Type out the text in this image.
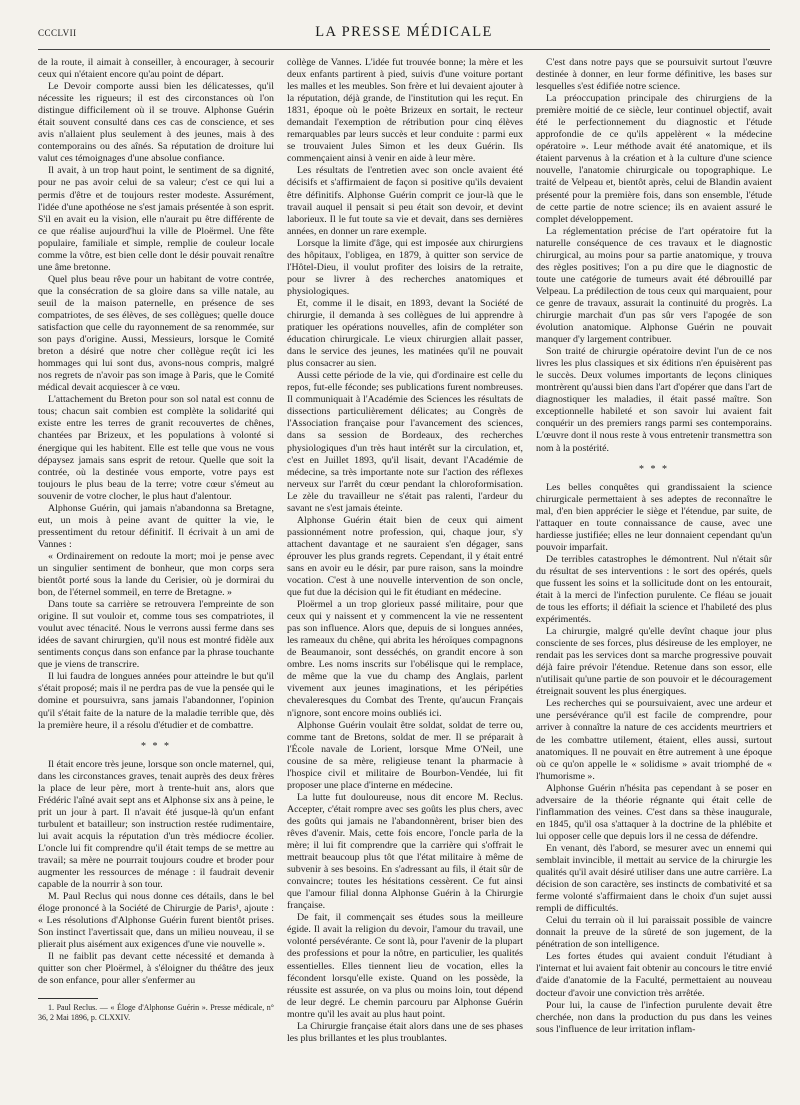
CCCLVII	LA PRESSE MÉDICALE

de la route, il aimait à conseiller, à encourager, à secourir ceux qui n'étaient encore qu'au point de départ.

Le Devoir comporte aussi bien les délicatesses, qu'il nécessite les rigueurs; il est des circonstances où l'on distingue difficilement où il se trouve. Alphonse Guérin était souvent consulté dans ces cas de conscience, et ses avis n'allaient plus seulement à des jeunes, mais à des contemporains ou des aînés. Sa réputation de droiture lui valut ces témoignages d'une absolue confiance.

Il avait, à un trop haut point, le sentiment de sa dignité, pour ne pas avoir celui de sa valeur; c'est ce qui lui a permis d'être et de toujours rester modeste. Assurément, l'idée d'une apothéose ne s'est jamais présentée à son esprit. S'il en avait eu la vision, elle n'aurait pu être différente de ce que réalise aujourd'hui la ville de Ploërmel. Une fête populaire, familiale et simple, remplie de couleur locale comme la vôtre, est bien celle dont le désir pouvait renaître une âme bretonne.

Quel plus beau rêve pour un habitant de votre contrée, que la consécration de sa gloire dans sa ville natale, au seuil de la maison paternelle, en présence de ses compatriotes, de ses élèves, de ses collègues; quelle douce satisfaction que celle du rayonnement de sa renommée, sur son pays d'origine. Aussi, Messieurs, lorsque le Comité breton a désiré que notre cher collègue reçût ici les hommages qui lui sont dus, avons-nous compris, malgré nos regrets de n'avoir pas son image à Paris, que le Comité médical devait acquiescer à ce vœu.

L'attachement du Breton pour son sol natal est connu de tous; chacun sait combien est complète la solidarité qui existe entre les terres de granit recouvertes de chênes, chantées par Brizeux, et les populations à volonté si énergique qui les habitent. Elle est telle que vous ne vous dépaysez jamais sans esprit de retour. Quelle que soit la contrée, où la destinée vous emporte, votre pays est toujours le plus beau de la terre; votre cœur s'émeut au souvenir de votre clocher, le plus haut d'alentour.

Alphonse Guérin, qui jamais n'abandonna sa Bretagne, eut, un mois à peine avant de quitter la vie, le pressentiment du retour définitif. Il écrivait à un ami de Vannes :

« Ordinairement on redoute la mort; moi je pense avec un singulier sentiment de bonheur, que mon corps sera bientôt porté sous la lande du Cerisier, où je dormirai du bon, de l'éternel sommeil, en terre de Bretagne. »

Dans toute sa carrière se retrouvera l'empreinte de son origine. Il sut vouloir et, comme tous ses compatriotes, il voulut avec ténacité. Nous le verrons aussi ferme dans ses idées de savant chirurgien, qu'il nous est montré fidèle aux sentiments conçus dans son enfance par la phrase touchante que je viens de transcrire.

Il lui faudra de longues années pour atteindre le but qu'il s'était proposé; mais il ne perdra pas de vue la pensée qui le domine et poursuivra, sans jamais l'abandonner, l'opinion qu'il s'était faite de la nature de la maladie terrible que, dès la première heure, il a résolu d'étudier et de combattre.

* * *

Il était encore très jeune, lorsque son oncle maternel, qui, dans les circonstances graves, tenait auprès des deux frères la place de leur père, mort à trente-huit ans, alors que Frédéric l'aîné avait sept ans et Alphonse six ans à peine, le prit un jour à part. Il n'avait été jusque-là qu'un enfant turbulent et batailleur; son instruction restée rudimentaire, lui avait acquis la réputation d'un très médiocre écolier. L'oncle lui fit comprendre qu'il était temps de se mettre au travail; sa mère ne pourrait toujours coudre et broder pour augmenter les ressources de ménage : il faudrait devenir capable de la nourrir à son tour.

M. Paul Reclus qui nous donne ces détails, dans le bel éloge prononcé à la Société de Chirurgie de Paris¹, ajoute : « Les résolutions d'Alphonse Guérin furent bientôt prises. Son instinct l'avertissait que, dans un milieu nouveau, il se plierait plus aisément aux exigences d'une vie nouvelle ».

Il ne faiblit pas devant cette nécessité et demanda à quitter son cher Ploërmel, à s'éloigner du théâtre des jeux de son enfance, pour aller s'enfermer au

1. Paul Reclus. — « Éloge d'Alphonse Guérin ». Presse médicale, n° 36, 2 Mai 1896, p. CLXXIV.

collège de Vannes. L'idée fut trouvée bonne; la mère et les deux enfants partirent à pied, suivis d'une voiture portant les malles et les meubles. Son frère et lui devaient ajouter à la réputation, déjà grande, de l'institution qui les reçut. En 1831, époque où le poète Brizeux en sortait, le recteur demandait l'exemption de rétribution pour cinq élèves remarquables par leurs succès et leur conduite : parmi eux se trouvaient Jules Simon et les deux Guérin. Ils commençaient ainsi à venir en aide à leur mère.

Les résultats de l'entretien avec son oncle avaient été décisifs et s'affirmaient de façon si positive qu'ils devaient être définitifs. Alphonse Guérin comprit ce jour-là que le travail auquel il pensait si peu était son devoir, et devint laborieux. Il le fut toute sa vie et devait, dans ses dernières années, en donner un rare exemple.

Lorsque la limite d'âge, qui est imposée aux chirurgiens des hôpitaux, l'obligea, en 1879, à quitter son service de l'Hôtel-Dieu, il voulut profiter des loisirs de la retraite, pour se livrer à des recherches anatomiques et physiologiques.

Et, comme il le disait, en 1893, devant la Société de chirurgie, il demanda à ses collègues de lui apprendre à pratiquer les opérations nouvelles, afin de compléter son éducation chirurgicale. Le vieux chirurgien allait passer, dans le service des jeunes, les matinées qu'il ne pouvait plus consacrer au sien.

Aussi cette période de la vie, qui d'ordinaire est celle du repos, fut-elle féconde; ses publications furent nombreuses. Il communiquait à l'Académie des Sciences les résultats de dissections particulièrement délicates; au Congrès de l'Association française pour l'avancement des sciences, dans sa session de Bordeaux, des recherches physiologiques d'un très haut intérêt sur la circulation, et, c'est en Juillet 1893, qu'il lisait, devant l'Académie de médecine, sa très importante note sur l'action des réflexes nerveux sur l'arrêt du cœur pendant la chloroformisation. Le zèle du travailleur ne s'était pas ralenti, l'ardeur du savant ne s'est jamais éteinte.

Alphonse Guérin était bien de ceux qui aiment passionnément notre profession, qui, chaque jour, s'y attachent davantage et ne sauraient s'en dégager, sans éprouver les plus grands regrets. Cependant, il y était entré sans en avoir eu le désir, par pure raison, sans la moindre vocation. C'est à une nouvelle intervention de son oncle, que fut due la décision qui le fit étudiant en médecine.

Ploërmel a un trop glorieux passé militaire, pour que ceux qui y naissent et y commencent la vie ne ressentent pas son influence. Alors que, depuis de si longues années, les rameaux du chêne, qui abrita les héroïques compagnons de Beaumanoir, sont desséchés, on grandit encore à son ombre. Les noms inscrits sur l'obélisque qui le remplace, de même que la vue du champ des Anglais, parlent vivement aux jeunes imaginations, et les péripéties chevaleresques du Combat des Trente, qu'aucun Français n'ignore, sont encore moins oubliés ici.

Alphonse Guérin voulait être soldat, soldat de terre ou, comme tant de Bretons, soldat de mer. Il se préparait à l'École navale de Lorient, lorsque Mme O'Neil, une cousine de sa mère, religieuse tenant la pharmacie à l'hospice civil et militaire de Bourbon-Vendée, lui fit proposer une place d'interne en médecine.

La lutte fut douloureuse, nous dit encore M. Reclus. Accepter, c'était rompre avec ses goûts les plus chers, avec des goûts qui jamais ne l'abandonnèrent, briser bien des rêves d'avenir. Mais, cette fois encore, l'oncle parla de la mère; il lui fit comprendre que la carrière qui s'offrait le mettrait beaucoup plus tôt que l'état militaire à même de subvenir à ses besoins. En s'adressant au fils, il était sûr de convaincre; toutes les hésitations cessèrent. Ce fut ainsi que l'amour filial donna Alphonse Guérin à la Chirurgie française.

De fait, il commençait ses études sous la meilleure égide. Il avait la religion du devoir, l'amour du travail, une volonté persévérante. Ce sont là, pour l'avenir de la plupart des professions et pour la nôtre, en particulier, les qualités essentielles. Elles tiennent lieu de vocation, elles la fécondent lorsqu'elle existe. Quand on les possède, la réussite est assurée, on va plus ou moins loin, tout dépend de leur degré. Le chemin parcouru par Alphonse Guérin montre qu'il les avait au plus haut point.

La Chirurgie française était alors dans une de ses phases les plus brillantes et les plus troublantes.

C'est dans notre pays que se poursuivit surtout l'œuvre destinée à donner, en leur forme définitive, les bases sur lesquelles s'est édifiée notre science.

La préoccupation principale des chirurgiens de la première moitié de ce siècle, leur continuel objectif, avait été le perfectionnement du diagnostic et l'étude approfondie de ce qu'ils appelèrent « la médecine opératoire ». Leur méthode avait été anatomique, et ils étaient parvenus à la création et à la culture d'une science nouvelle, l'anatomie chirurgicale ou topographique. Le traité de Velpeau et, bientôt après, celui de Blandin avaient présenté pour la première fois, dans son ensemble, l'étude de cette partie de notre science; ils en avaient assuré le complet développement.

La réglementation précise de l'art opératoire fut la naturelle conséquence de ces travaux et le diagnostic chirurgical, au moins pour sa partie anatomique, y trouva des règles positives; l'on a pu dire que le diagnostic de toute une catégorie de tumeurs avait été débrouillé par Velpeau. La prédilection de tous ceux qui marquaient, pour ce genre de travaux, assurait la continuité du progrès. La chirurgie marchait d'un pas sûr vers l'apogée de son évolution anatomique. Alphonse Guérin ne pouvait manquer d'y largement contribuer.

Son traité de chirurgie opératoire devint l'un de ce nos livres les plus classiques et six éditions n'en épuisèrent pas le succès. Deux volumes importants de leçons cliniques montrèrent qu'aussi bien dans l'art d'opérer que dans l'art de diagnostiquer les maladies, il était passé maître. Son exceptionnelle habileté et son savoir lui avaient fait conquérir un des premiers rangs parmi ses contemporains. L'œuvre dont il nous reste à vous entretenir transmettra son nom à la postérité.

* * *

Les belles conquêtes qui grandissaient la science chirurgicale permettaient à ses adeptes de reconnaître le mal, d'en bien apprécier le siège et l'étendue, par suite, de l'attaquer en toute connaissance de cause, avec une hardiesse justifiée; elles ne leur donnaient cependant qu'un pouvoir imparfait.

De terribles catastrophes le démontrent. Nul n'était sûr du résultat de ses interventions : le sort des opérés, quels que fussent les soins et la sollicitude dont on les entourait, était à la merci de l'infection purulente. Ce fléau se jouait de tous les efforts; il défiait la science et l'habileté des plus expérimentés.

La chirurgie, malgré qu'elle devînt chaque jour plus consciente de ses forces, plus désireuse de les employer, ne rendait pas les services dont sa marche progressive pouvait déjà faire prévoir l'étendue. Retenue dans son essor, elle n'utilisait qu'une partie de son pouvoir et le découragement étreignait souvent les plus énergiques.

Les recherches qui se poursuivaient, avec une ardeur et une persévérance qu'il est facile de comprendre, pour arriver à connaître la nature de ces accidents meurtriers et de les combattre utilement, étaient, elles aussi, surtout anatomiques. Il ne pouvait en être autrement à une époque où ce qu'on appelle le « solidisme » avait triomphé de « l'humorisme ».

Alphonse Guérin n'hésita pas cependant à se poser en adversaire de la théorie régnante qui était celle de l'inflammation des veines. C'est dans sa thèse inaugurale, en 1845, qu'il osa s'attaquer à la doctrine de la phlébite et lui opposer celle que depuis lors il ne cessa de défendre.

En venant, dès l'abord, se mesurer avec un ennemi qui semblait invincible, il mettait au service de la chirurgie les qualités qu'il avait désiré utiliser dans une autre carrière. La décision de son caractère, ses instincts de combativité et sa ferme volonté s'affirmaient dans le choix d'un sujet aussi rempli de difficultés.

Celui du terrain où il lui paraissait possible de vaincre donnait la preuve de la sûreté de son jugement, de la pénétration de son intelligence.

Les fortes études qui avaient conduit l'étudiant à l'internat et lui avaient fait obtenir au concours le titre envié d'aide d'anatomie de la Faculté, permettaient au nouveau docteur d'avoir une conviction très arrêtée.

Pour lui, la cause de l'infection purulente devait être cherchée, non dans la production du pus dans les veines sous l'influence de leur irritation inflam-
